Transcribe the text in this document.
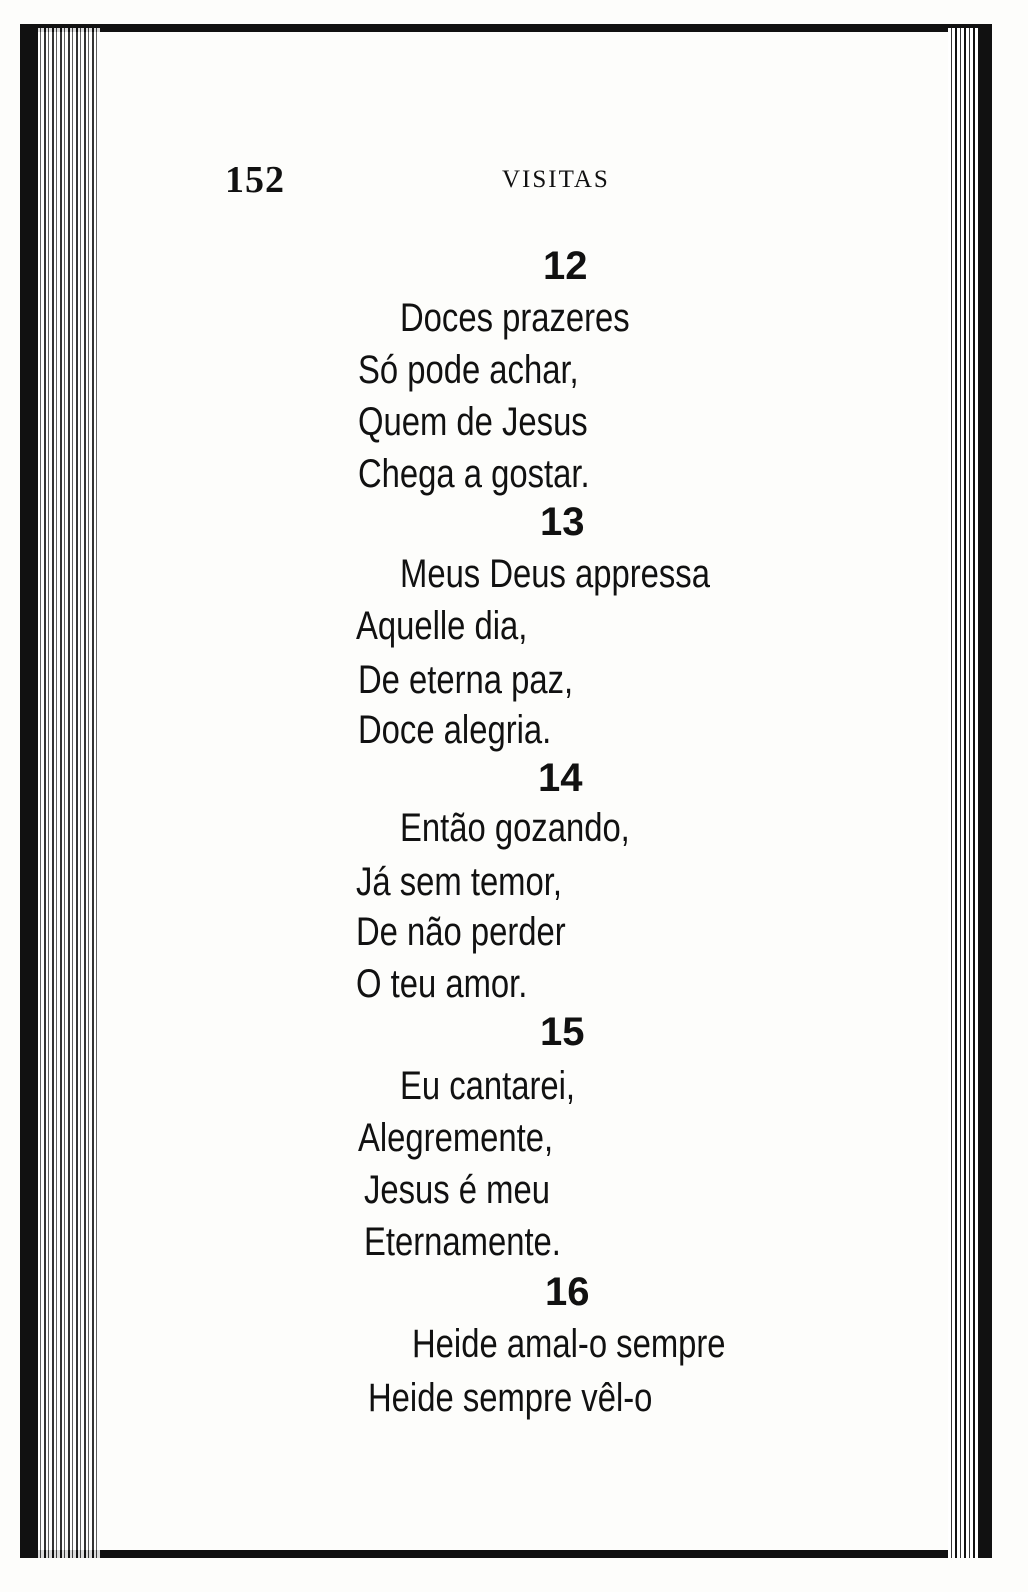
152	VISITAS
12
Doces prazeres
Só pode achar,
Quem de Jesus
Chega a gostar.
13
Meus Deus appressa
Aquelle dia,
De eterna paz,
Doce alegria.
14
Então gozando,
Já sem temor,
De não perder
O teu amor.
15
Eu cantarei,
Alegremente,
Jesus é meu
Eternamente.
16
Heide amal-o sempre
Heide sempre vêl-o
